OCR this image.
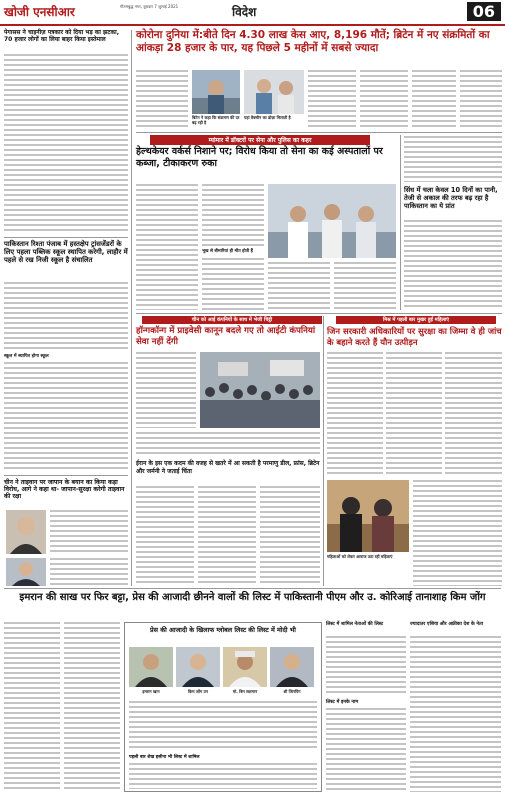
खोजी एनसीआर	गौतमबुद्ध नगर, बुधवार 7 जुलाई 2021	विदेश	06
पेगासस ने चाइनीज़ पत्रकार को दिया भड़ का झटका, 70 हजार लोगों का लिया बाहर किया इस्तेमाल
पाकिस्तान रिश्ता पंजाब में हस्तक्षेप ट्रांसजेंडरों के लिए पहला पब्लिक स्कूल स्थापित करेगी, लाहौर में पहले से रख निजी स्कूल है संचालित
स्कूल में स्थापित होगा स्कूल
चीन ने ताइवान पर जापान के बयान का किया कड़ा विरोध, आगे ने कहा था- जापान-सुरक्षा करेगी ताइवान की रक्षा
कोरोना दुनिया में:बीते दिन 4.30 लाख केस आए, 8,196 मौतें; ब्रिटेन में नए संक्रमितों का आंकड़ा 28 हजार के पार, यह पिछले 5 महीनों में सबसे ज्यादा
बिटेन ने कहा कि संक्रमण की दर बढ़ रही है
यहां वैक्सीन का डोज़ा मिलाती है
म्यांमार में डॉक्टरों पर सेना और पुलिस का कहर
हेल्थकेयर वर्कर्स निशाने पर; विरोध किया तो सेना का कई अस्पतालों पर कब्जा, टीकाकरण रुका
भूख से बीमारियां ही मौत होती हैं
सिंध में चला केवल 10 दिनों का पानी, तेजी से अकाल की तरफ बढ़ रहा है पाकिस्तान का ये प्रांत
चीन को आई कंपनियों के साथ में भेजी चिट्ठी
हॉन्गकॉन्ग में प्राइवेसी कानून बदले गए तो आईटी कंपनियां सेवा नहीं देंगी
ईरान के इस एक कदम की वजह से खतरे में आ सकती है परमाणु डील, फ्रांस, ब्रिटेन और जर्मनी ने जताई चिंता
मिस्र में पहली बार मुखर हुईं महिलाएं
जिन सरकारी अधिकारियों पर सुरक्षा का जिम्मा वे ही जांच के बहाने करते हैं यौन उत्पीड़न
महिलाओं को लेकर आवाज उठा रहीं महिलाएं
इमरान की साख पर फिर बट्टा, प्रेस की आजादी छीनने वालों की लिस्ट में पाकिस्तानी पीएम और उ. कोरिआई तानाशाह किम जोंग
प्रेस की आजादी के खिलाफ ग्लोबल लिस्ट की लिस्ट में मोदी भी
इमरान खान	किम जोंग उन	मो. बिन सलमान	शी जिनपिंग
पहली बार शेख हसीना भी लिस्ट में शामिल
लिस्ट में शामिल नेताओं की लिस्ट
लिस्ट में इनके नाम
ज्यादातर एशिया और अफ्रीका देश के नेता
